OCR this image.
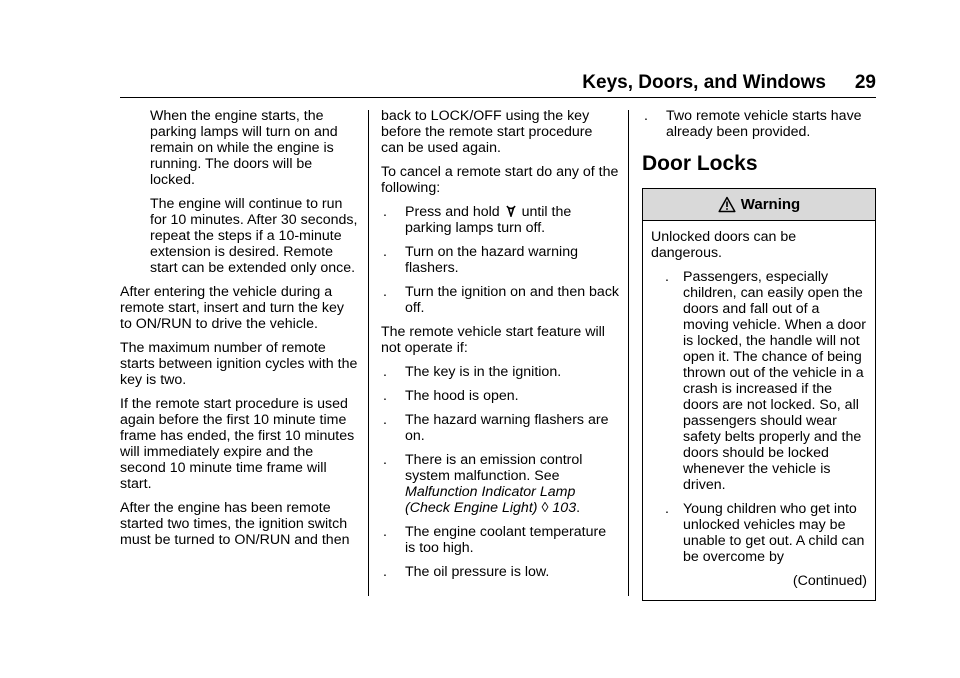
Keys, Doors, and Windows 29

When the engine starts, the parking lamps will turn on and remain on while the engine is running. The doors will be locked.

The engine will continue to run for 10 minutes. After 30 seconds, repeat the steps if a 10-minute extension is desired. Remote start can be extended only once.

After entering the vehicle during a remote start, insert and turn the key to ON/RUN to drive the vehicle.

The maximum number of remote starts between ignition cycles with the key is two.

If the remote start procedure is used again before the first 10 minute time frame has ended, the first 10 minutes will immediately expire and the second 10 minute time frame will start.

After the engine has been remote started two times, the ignition switch must be turned to ON/RUN and then

back to LOCK/OFF using the key before the remote start procedure can be used again.

To cancel a remote start do any of the following:

.	Press and hold until the parking lamps turn off.
.	Turn on the hazard warning flashers.
.	Turn the ignition on and then back off.

The remote vehicle start feature will not operate if:

.	The key is in the ignition.
.	The hood is open.
.	The hazard warning flashers are on.
.	There is an emission control system malfunction. See Malfunction Indicator Lamp (Check Engine Light) ◊ 103.
.	The engine coolant temperature is too high.
.	The oil pressure is low.
.	Two remote vehicle starts have already been provided.
Door Locks
Warning

Unlocked doors can be dangerous.

. Passengers, especially children, can easily open the doors and fall out of a moving vehicle. When a door is locked, the handle will not open it. The chance of being thrown out of the vehicle in a crash is increased if the doors are not locked. So, all passengers should wear safety belts properly and the doors should be locked whenever the vehicle is driven.
. Young children who get into unlocked vehicles may be unable to get out. A child can be overcome by

(Continued)
